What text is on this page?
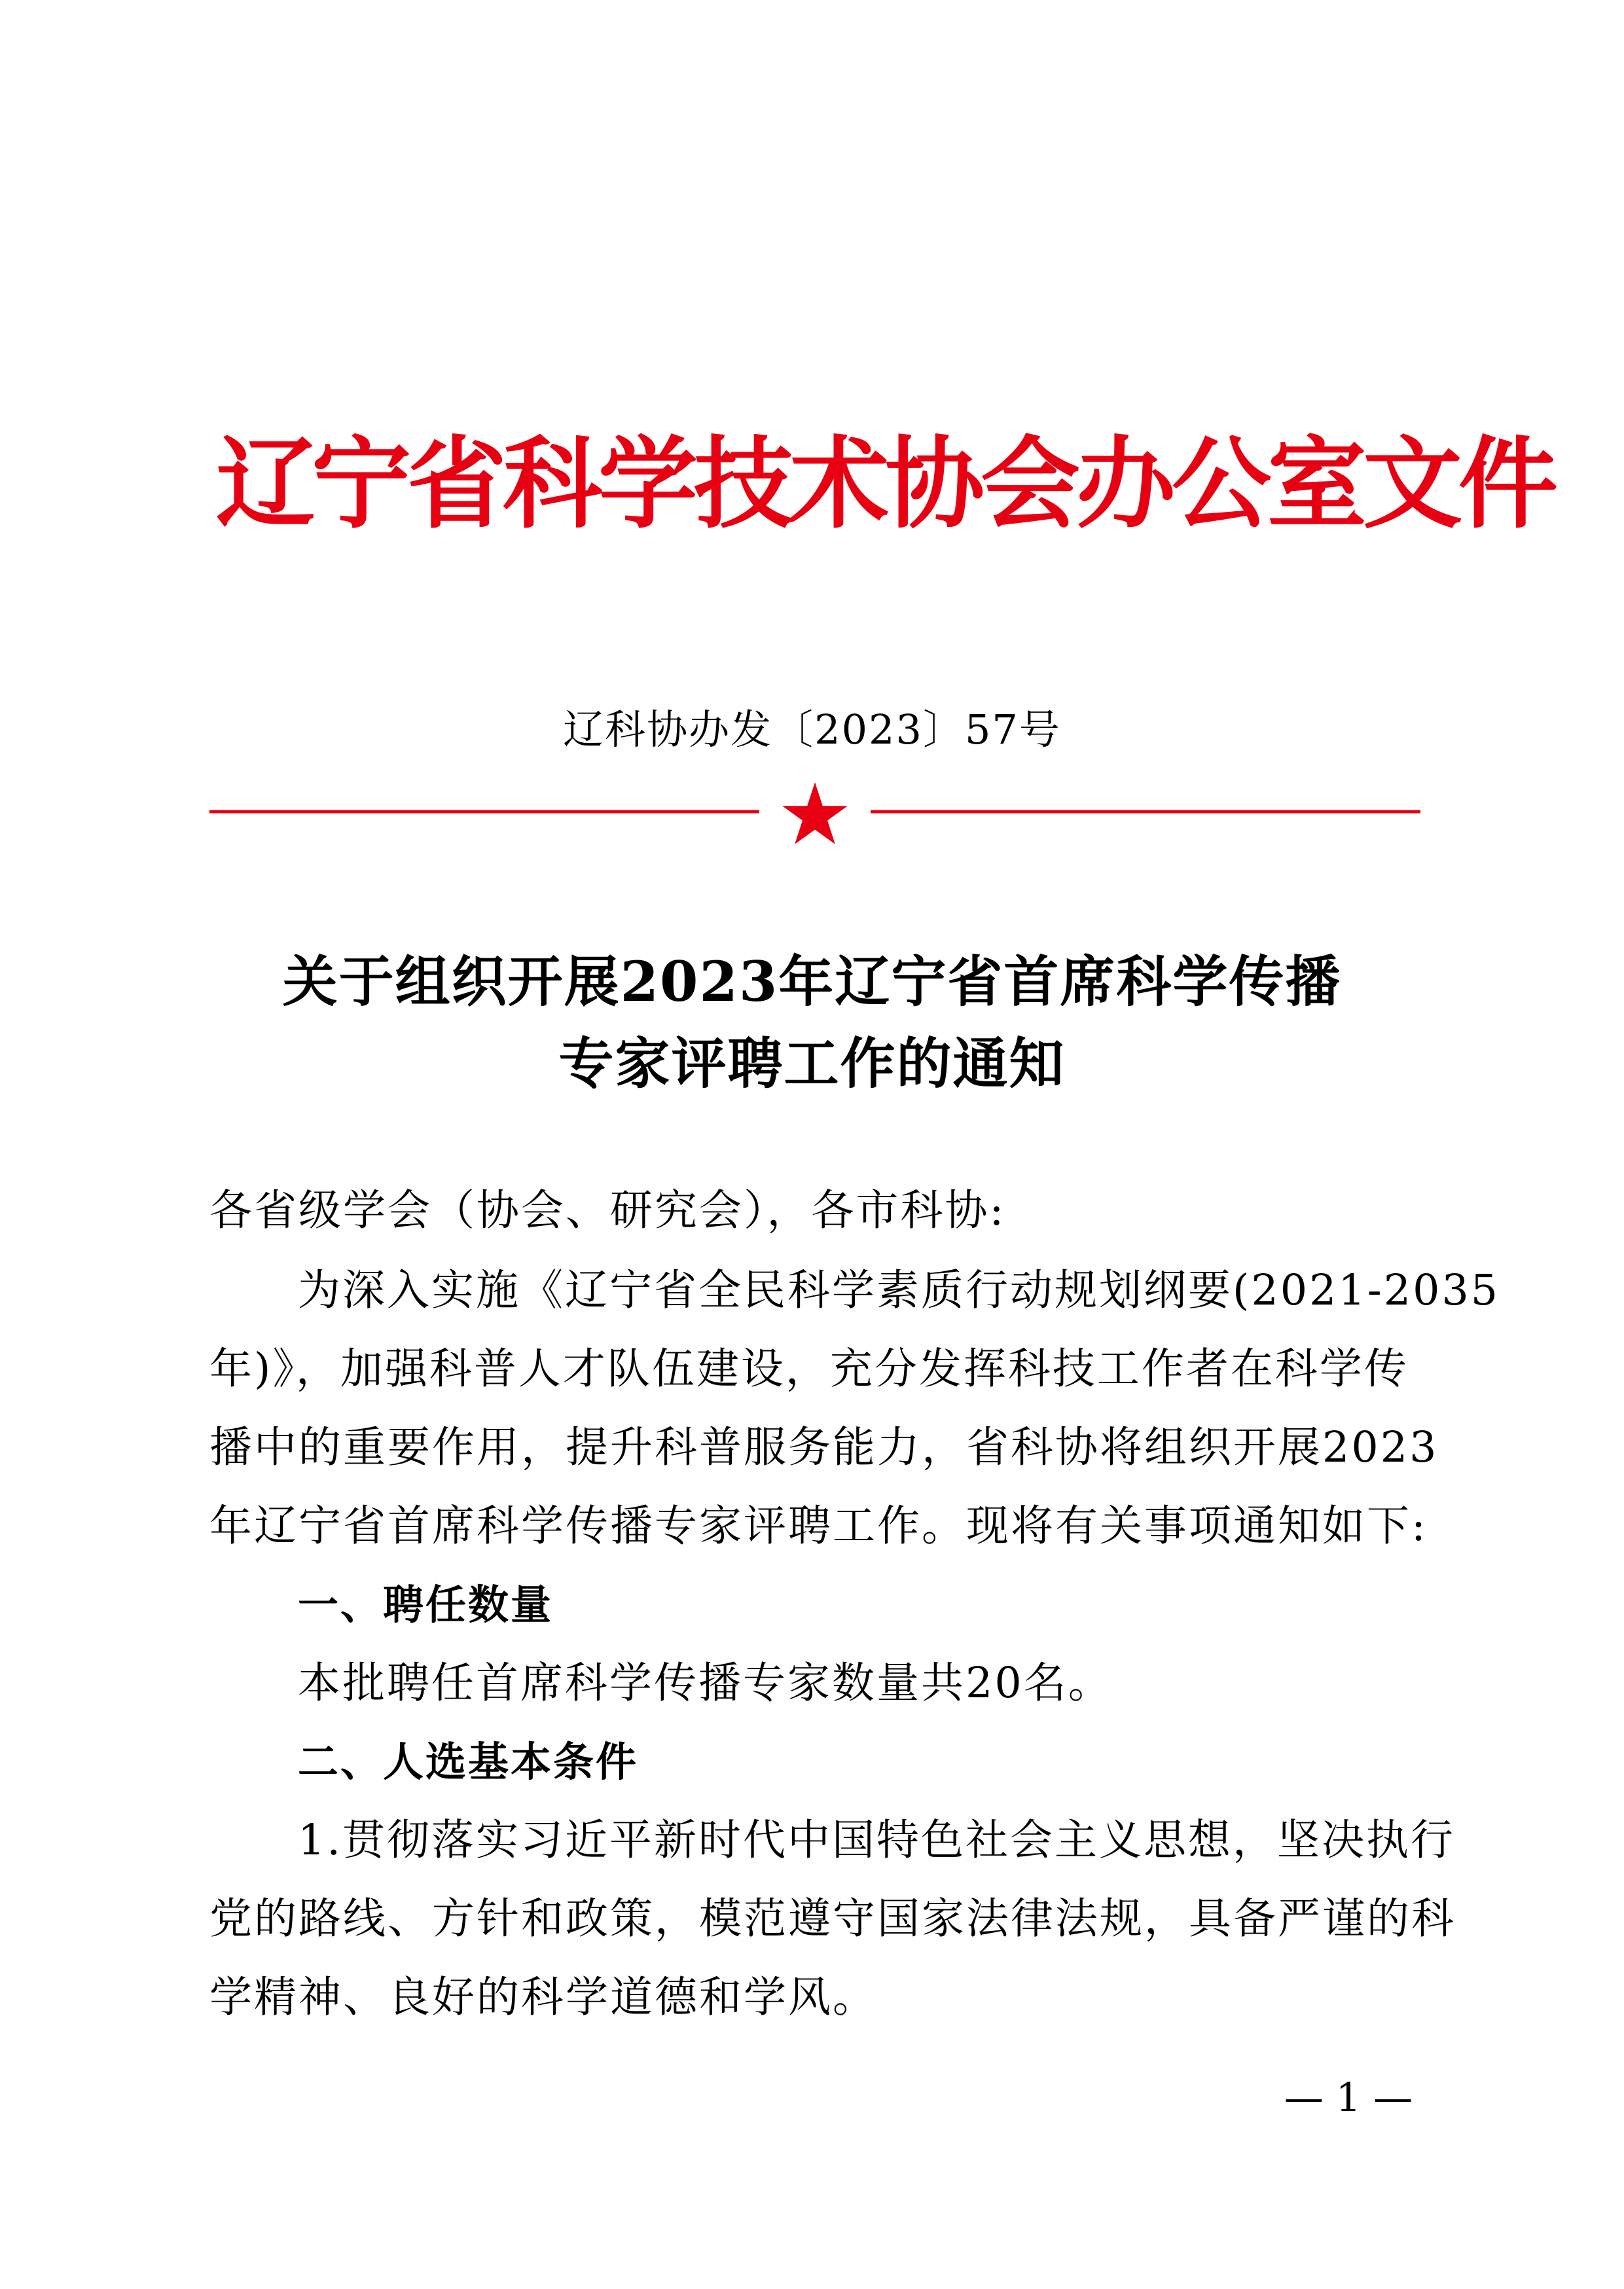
辽宁省科学技术协会办公室文件
辽科协办发〔2023〕57号
关于组织开展2023年辽宁省首席科学传播
专家评聘工作的通知
各省级学会（协会、研究会），各市科协:
为深入实施《辽宁省全民科学素质行动规划纲要(2021-2035
年)》，加强科普人才队伍建设，充分发挥科技工作者在科学传
播中的重要作用，提升科普服务能力，省科协将组织开展2023
年辽宁省首席科学传播专家评聘工作。现将有关事项通知如下:
一、聘任数量
本批聘任首席科学传播专家数量共20名。
二、人选基本条件
1.贯彻落实习近平新时代中国特色社会主义思想，坚决执行
党的路线、方针和政策，模范遵守国家法律法规，具备严谨的科
学精神、良好的科学道德和学风。
— 1 —
